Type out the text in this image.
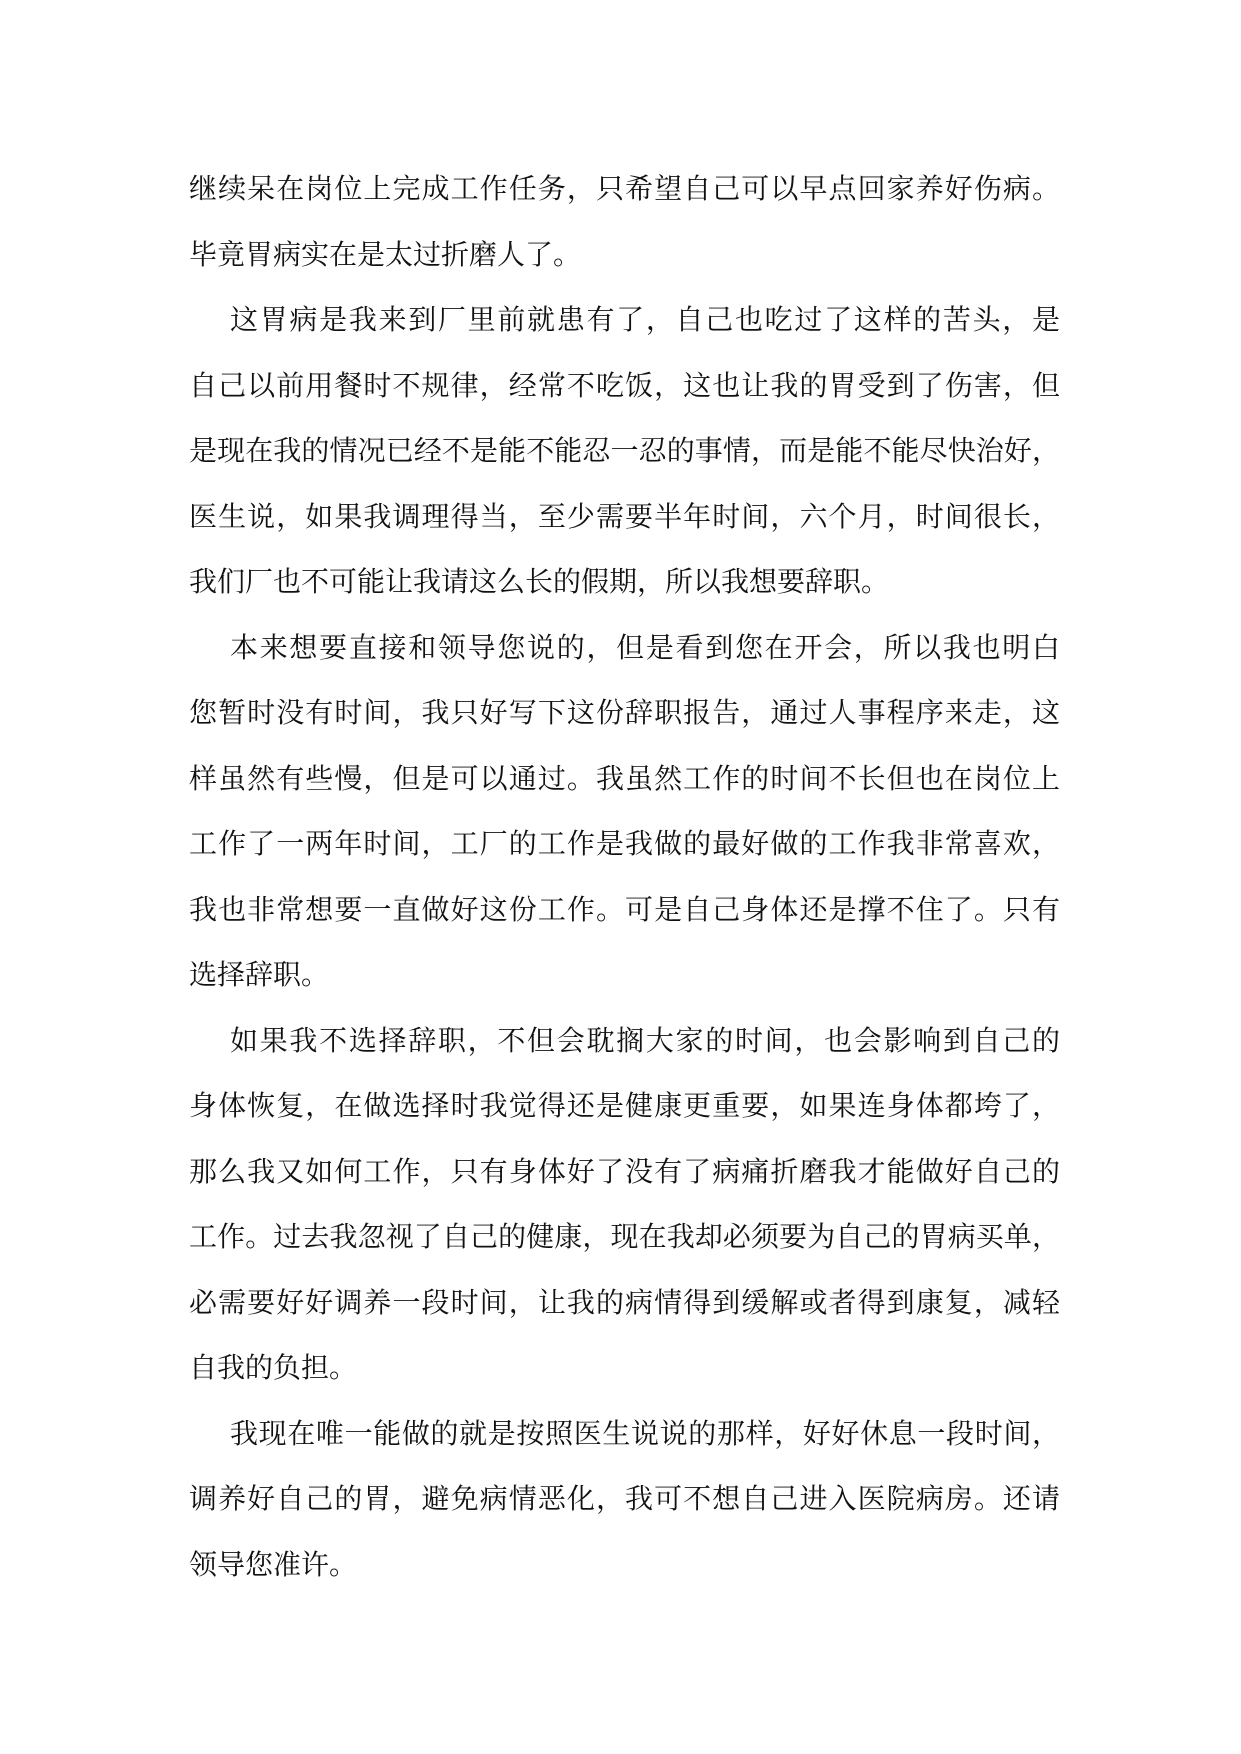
继续呆在岗位上完成工作任务，只希望自己可以早点回家养好伤病。
毕竟胃病实在是太过折磨人了。
这胃病是我来到厂里前就患有了，自己也吃过了这样的苦头，是
自己以前用餐时不规律，经常不吃饭，这也让我的胃受到了伤害，但
是现在我的情况已经不是能不能忍一忍的事情，而是能不能尽快治好，
医生说，如果我调理得当，至少需要半年时间，六个月，时间很长，
我们厂也不可能让我请这么长的假期，所以我想要辞职。
本来想要直接和领导您说的，但是看到您在开会，所以我也明白
您暂时没有时间，我只好写下这份辞职报告，通过人事程序来走，这
样虽然有些慢，但是可以通过。我虽然工作的时间不长但也在岗位上
工作了一两年时间，工厂的工作是我做的最好做的工作我非常喜欢，
我也非常想要一直做好这份工作。可是自己身体还是撑不住了。只有
选择辞职。
如果我不选择辞职，不但会耽搁大家的时间，也会影响到自己的
身体恢复，在做选择时我觉得还是健康更重要，如果连身体都垮了，
那么我又如何工作，只有身体好了没有了病痛折磨我才能做好自己的
工作。过去我忽视了自己的健康，现在我却必须要为自己的胃病买单，
必需要好好调养一段时间，让我的病情得到缓解或者得到康复，减轻
自我的负担。
我现在唯一能做的就是按照医生说说的那样，好好休息一段时间，
调养好自己的胃，避免病情恶化，我可不想自己进入医院病房。还请
领导您准许。
